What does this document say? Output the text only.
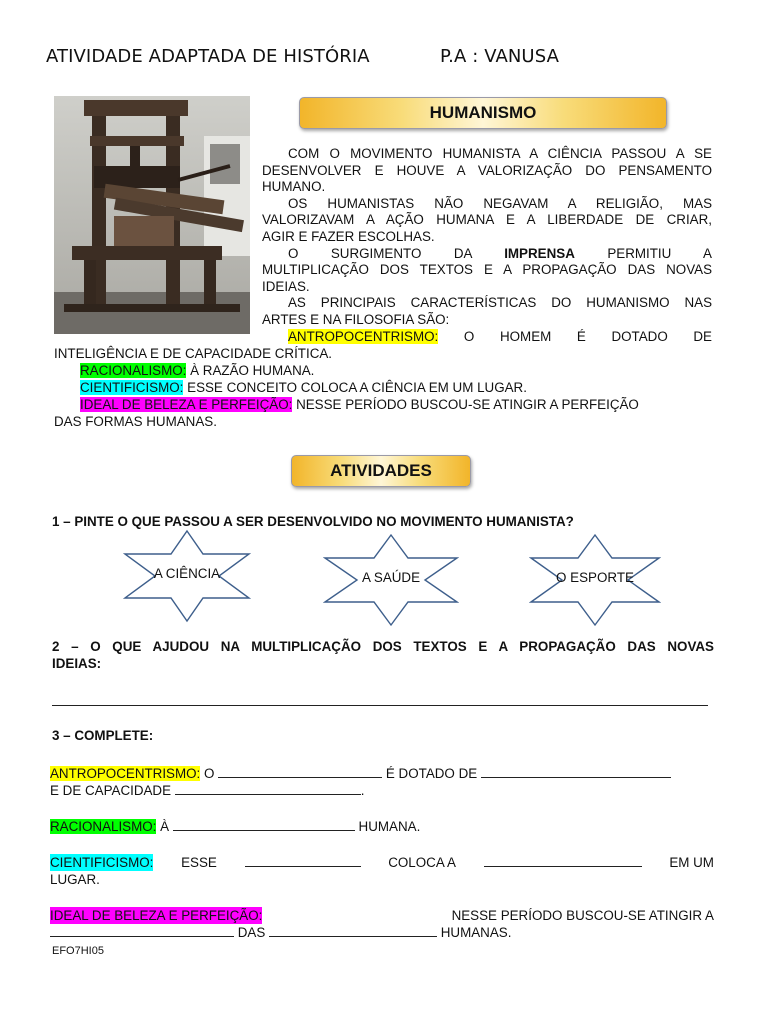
ATIVIDADE ADAPTADA DE HISTÓRIA	P.A : VANUSA
HUMANISMO
COM O MOVIMENTO HUMANISTA A CIÊNCIA PASSOU A SE
DESENVOLVER E HOUVE A VALORIZAÇÃO DO PENSAMENTO
HUMANO.
OS HUMANISTAS NÃO NEGAVAM A RELIGIÃO, MAS
VALORIZAVAM A AÇÃO HUMANA E A LIBERDADE DE CRIAR,
AGIR E FAZER ESCOLHAS.
O SURGIMENTO DA IMPRENSA PERMITIU A
MULTIPLICAÇÃO DOS TEXTOS E A PROPAGAÇÃO DAS NOVAS
IDEIAS.
AS PRINCIPAIS CARACTERÍSTICAS DO HUMANISMO NAS
ARTES E NA FILOSOFIA SÃO:
ANTROPOCENTRISMO: O HOMEM É DOTADO DE
INTELIGÊNCIA E DE CAPACIDADE CRÍTICA.
RACIONALISMO: À RAZÃO HUMANA.
CIENTIFICISMO: ESSE CONCEITO COLOCA A CIÊNCIA EM UM LUGAR.
IDEAL DE BELEZA E PERFEIÇÃO: NESSE PERÍODO BUSCOU-SE ATINGIR A PERFEIÇÃO
DAS FORMAS HUMANAS.
ATIVIDADES
1 – PINTE O QUE PASSOU A SER DESENVOLVIDO NO MOVIMENTO HUMANISTA?
A CIÊNCIA	A SAÚDE	O ESPORTE
2 – O QUE AJUDOU NA MULTIPLICAÇÃO DOS TEXTOS E A PROPAGAÇÃO DAS NOVAS
IDEIAS:
3 – COMPLETE:
ANTROPOCENTRISMO: O	É DOTADO DE
E DE CAPACIDADE	.
RACIONALISMO: À	HUMANA.
CIENTIFICISMO: ESSE	COLOCA A	EM UM
LUGAR.
IDEAL DE BELEZA E PERFEIÇÃO:	NESSE PERÍODO BUSCOU-SE ATINGIR A
DAS	HUMANAS.
EFO7HI05
